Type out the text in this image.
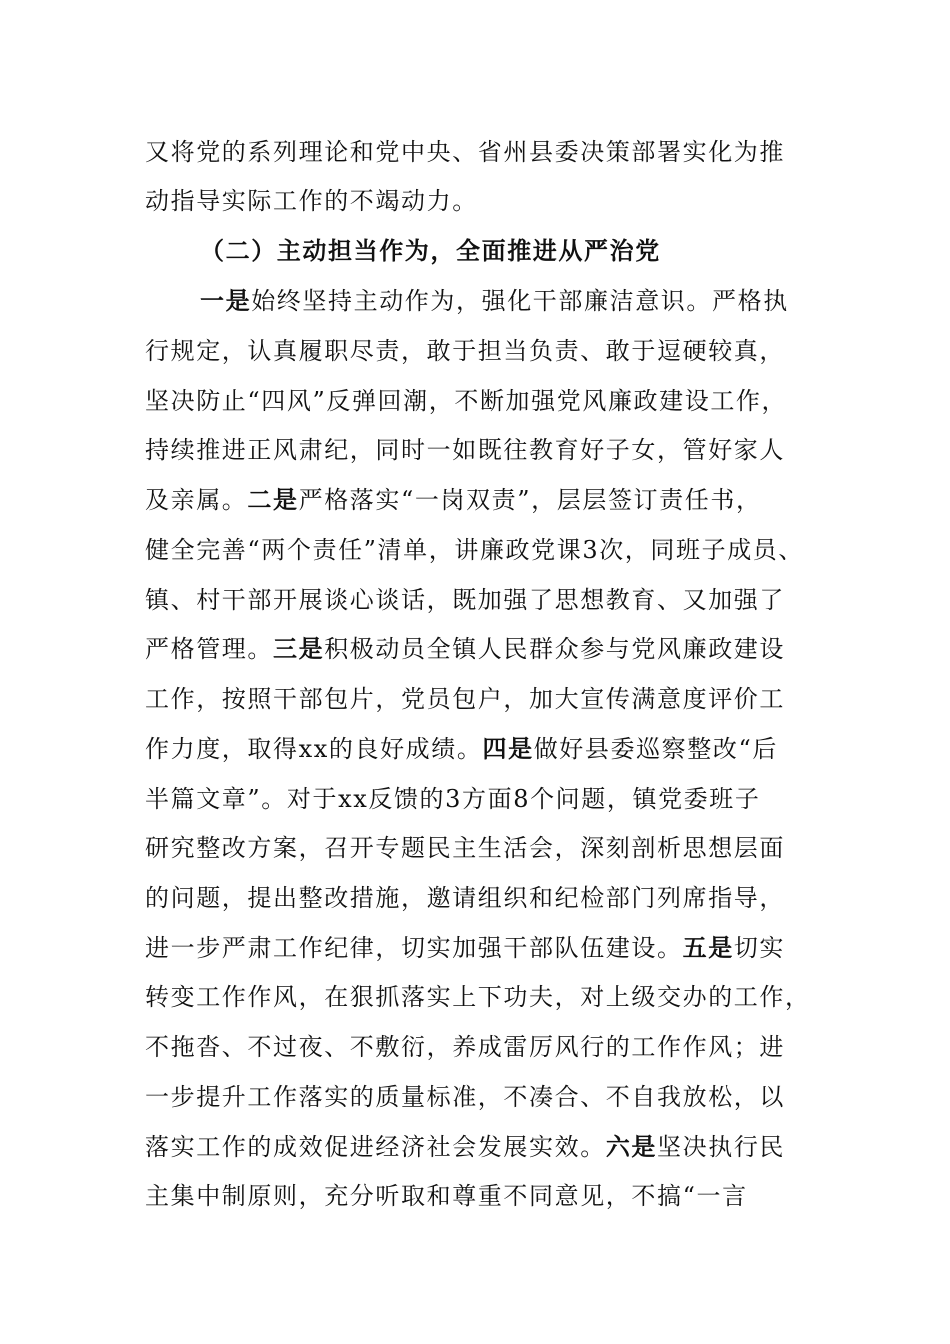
又将党的系列理论和党中央、省州县委决策部署实化为推
动指导实际工作的不竭动力。
（二）主动担当作为，全面推进从严治党
一是始终坚持主动作为，强化干部廉洁意识。严格执
行规定，认真履职尽责，敢于担当负责、敢于逗硬较真，
坚决防止“四风”反弹回潮，不断加强党风廉政建设工作，
持续推进正风肃纪，同时一如既往教育好子女，管好家人
及亲属。二是严格落实“一岗双责”，层层签订责任书，
健全完善“两个责任”清单，讲廉政党课3次，同班子成员、
镇、村干部开展谈心谈话，既加强了思想教育、又加强了
严格管理。三是积极动员全镇人民群众参与党风廉政建设
工作，按照干部包片，党员包户，加大宣传满意度评价工
作力度，取得xx的良好成绩。四是做好县委巡察整改“后
半篇文章”。对于xx反馈的3方面8个问题，镇党委班子
研究整改方案，召开专题民主生活会，深刻剖析思想层面
的问题，提出整改措施，邀请组织和纪检部门列席指导，
进一步严肃工作纪律，切实加强干部队伍建设。五是切实
转变工作作风，在狠抓落实上下功夫，对上级交办的工作，
不拖沓、不过夜、不敷衍，养成雷厉风行的工作作风；进
一步提升工作落实的质量标准，不凑合、不自我放松，以
落实工作的成效促进经济社会发展实效。六是坚决执行民
主集中制原则，充分听取和尊重不同意见，不搞“一言
